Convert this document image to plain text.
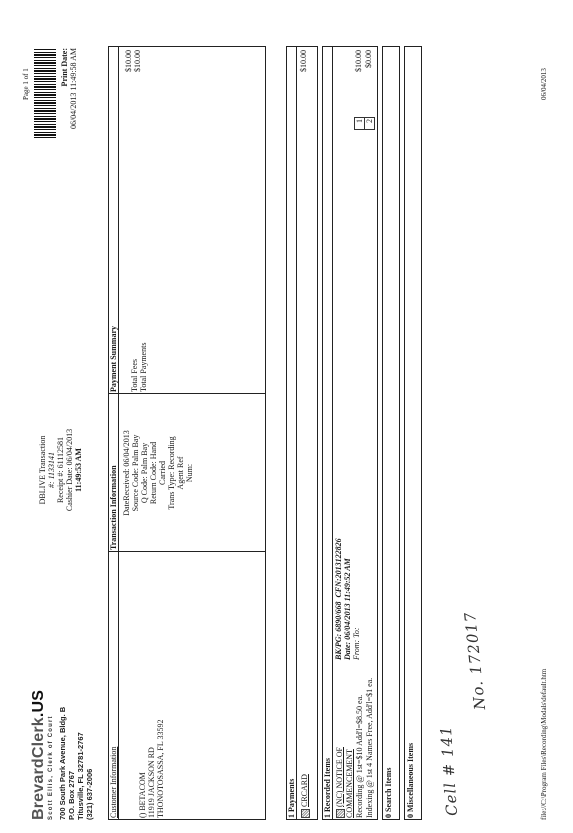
Page 1 of 1
BrevardClerk.US
Scott Ellis, Clerk of Court 700 South Park Avenue, Bldg. B P.O. Box 2767 Titusville, FL 32781-2767 (321) 637-2006
DBLIVE Transaction #: 1133141 Receipt #: 61112581 Cashier Date: 06/04/2013 11:49:53 AM
Print Date: 06/04/2013 11:49:58 AM
Customer Information
Transaction Information
Payment Summary
() BETACOM 11919 JACKSON RD THONOTOSASSA, FL 33592
DateReceived: 06/04/2013 Source Code: Palm Bay Q Code: Palm Bay Return Code: Hand Carried Trans Type: Recording Agent Ref Num:
Total Fees Total Payments
$10.00 $10.00
1 Payments CRCARD
$10.00
1 Recorded Items (NC) NOTICE OF COMMENCEMENT
BK/PG: 6890/668  CFN:2013122826 Date: 06/04/2013 11:49:52 AM From: To:
Recording @ 1st=$10 Add'l=$8.50 ea. Indexing @ 1st 4 Names Free, Add'l=$1 ea.
1 2
$10.00 $0.00
0 Search Items 0 Miscellaneous Items Cell # 141
No. 172017
file://C:\Program Files\Recording\Modals\default.htm
06/04/2013
